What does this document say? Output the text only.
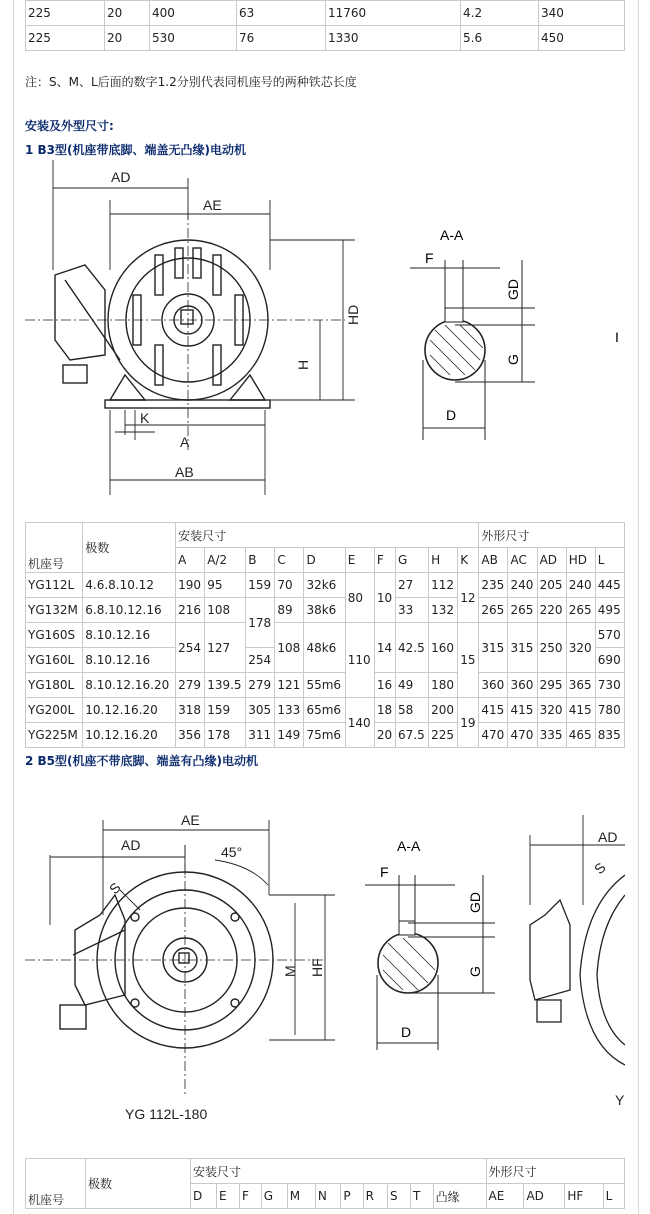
225	20	400	63	11760	4.2	340
225	20	530	76	1330	5.6	450
注：S、M、L后面的数字1.2分别代表同机座号的两种铁芯长度
安装及外型尺寸:
1 B3型(机座带底脚、端盖无凸缘)电动机
AD
AE
HD
H
K
A
AB
A-A
F
GD
G
D
I
机座号	极数	安装尺寸										外形尺寸				
		A	A/2	B	C	D	E	F	G	H	K	AB	AC	AD	HD	L
YG112L	4.6.8.10.12	190	95	159	70	32k6	80	10	27	112	12	235	240	205	240	445
YG132M	6.8.10.12.16	216	108	178	89	38k6			33	132		265	265	220	265	495
YG160S	8.10.12.16	254	127		108	48k6	110	14	42.5	160	15	315	315	250	320	570
YG160L	8.10.12.16			254												690
YG180L	8.10.12.16.20	279	139.5	279	121	55m6		16	49	180		360	360	295	365	730
YG200L	10.12.16.20	318	159	305	133	65m6	140	18	58	200	19	415	415	320	415	780
YG225M	10.12.16.20	356	178	311	149	75m6		20	67.5	225		470	470	335	465	835
2 B5型(机座不带底脚、端盖有凸缘)电动机
AE
AD	45°
S
M HF
YG 112L-180
A-A
F
GD
G
D
AD
S
Y
机座号	极数	安装尺寸											外形尺寸			
		D	E	F	G	M	N	P	R	S	T	凸缘	AE	AD	HF	L
